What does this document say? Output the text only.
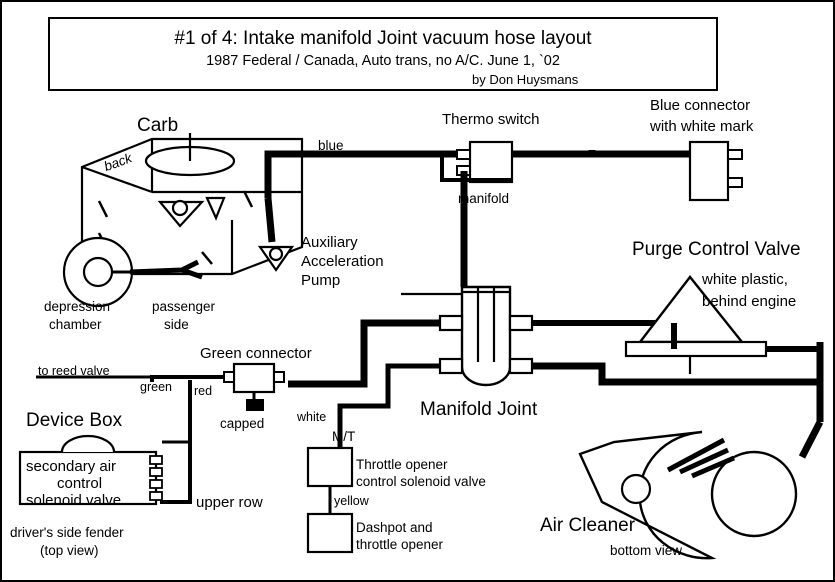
#1 of 4: Intake manifold Joint vacuum hose layout
1987 Federal / Canada, Auto trans, no A/C. June 1, `02
by Don Huysmans
Carb
back
blue
Thermo switch
manifold
Blue connector
with white mark
Auxiliary
Acceleration
Pump
Purge Control Valve
white plastic,
behind engine
depression
chamber
passenger
side
Green connector
to reed valve
green red
capped	white	Manifold Joint
Device Box
secondary air
control
solenoid valve	upper row
driver's side fender
(top view)
M/T
Throttle opener
control solenoid valve
yellow
Dashpot and
throttle opener
Air Cleaner
bottom view
